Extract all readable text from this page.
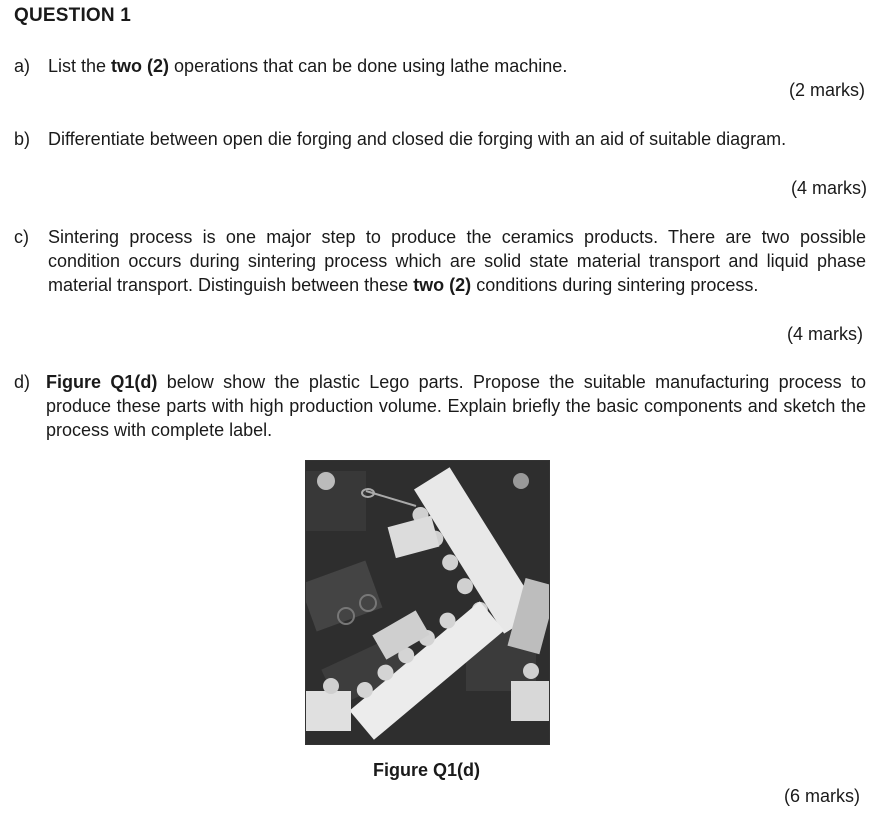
QUESTION 1
a) List the two (2) operations that can be done using lathe machine.
(2 marks)
b) Differentiate between open die forging and closed die forging with an aid of suitable diagram.
(4 marks)
c) Sintering process is one major step to produce the ceramics products. There are two possible condition occurs during sintering process which are solid state material transport and liquid phase material transport. Distinguish between these two (2) conditions during sintering process.
(4 marks)
d) Figure Q1(d) below show the plastic Lego parts. Propose the suitable manufacturing process to produce these parts with high production volume. Explain briefly the basic components and sketch the process with complete label.
Figure Q1(d)
(6 marks)
